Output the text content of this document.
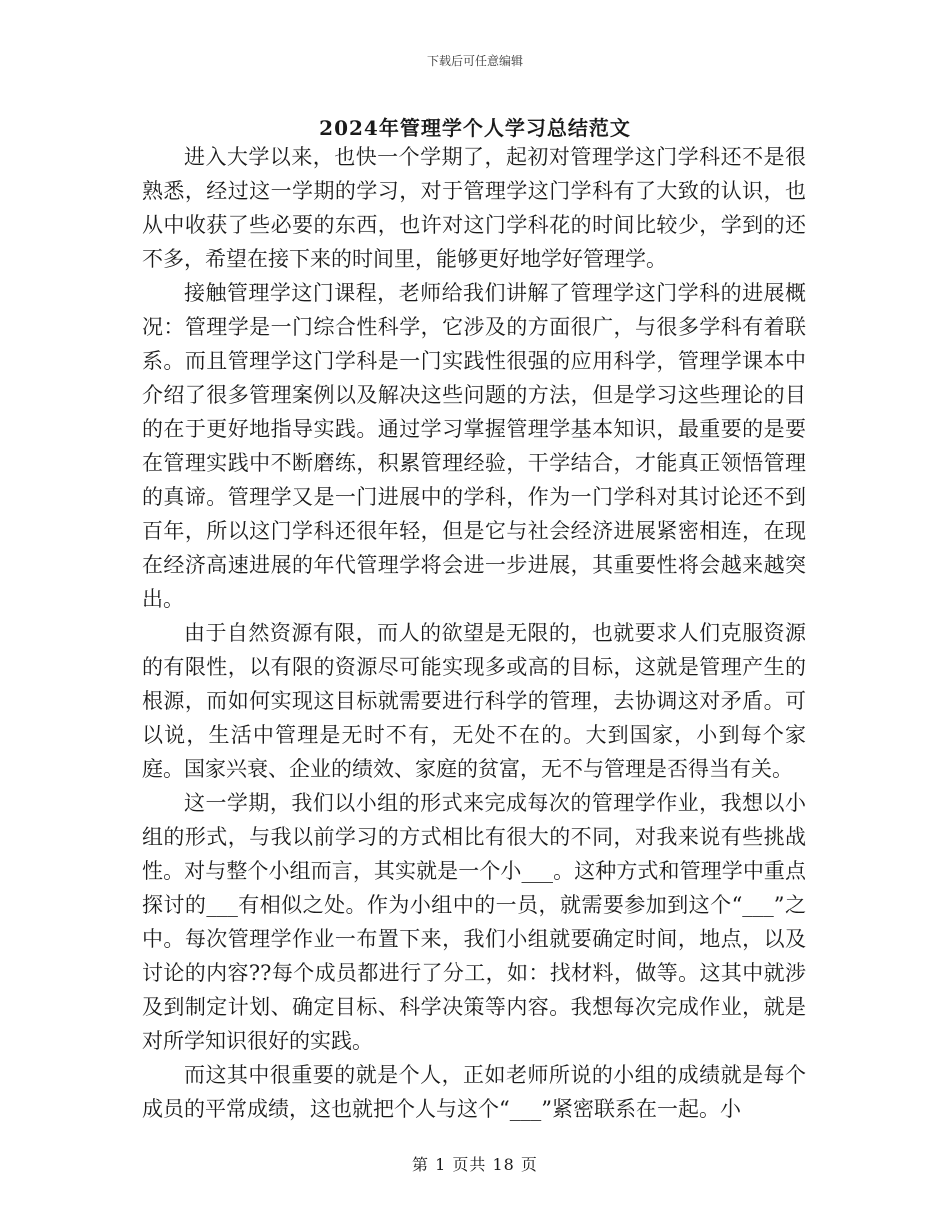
下载后可任意编辑
2024年管理学个人学习总结范文

进入大学以来，也快一个学期了，起初对管理学这门学科还不是很熟悉，经过这一学期的学习，对于管理学这门学科有了大致的认识，也从中收获了些必要的东西，也许对这门学科花的时间比较少，学到的还不多，希望在接下来的时间里，能够更好地学好管理学。

接触管理学这门课程，老师给我们讲解了管理学这门学科的进展概况：管理学是一门综合性科学，它涉及的方面很广，与很多学科有着联系。而且管理学这门学科是一门实践性很强的应用科学，管理学课本中介绍了很多管理案例以及解决这些问题的方法，但是学习这些理论的目的在于更好地指导实践。通过学习掌握管理学基本知识，最重要的是要在管理实践中不断磨练，积累管理经验，干学结合，才能真正领悟管理的真谛。管理学又是一门进展中的学科，作为一门学科对其讨论还不到百年，所以这门学科还很年轻，但是它与社会经济进展紧密相连，在现在经济高速进展的年代管理学将会进一步进展，其重要性将会越来越突出。

由于自然资源有限，而人的欲望是无限的，也就要求人们克服资源的有限性，以有限的资源尽可能实现多或高的目标，这就是管理产生的根源，而如何实现这目标就需要进行科学的管理，去协调这对矛盾。可以说，生活中管理是无时不有，无处不在的。大到国家，小到每个家庭。国家兴衰、企业的绩效、家庭的贫富，无不与管理是否得当有关。

这一学期，我们以小组的形式来完成每次的管理学作业，我想以小组的形式，与我以前学习的方式相比有很大的不同，对我来说有些挑战性。对与整个小组而言，其实就是一个小___。这种方式和管理学中重点探讨的___有相似之处。作为小组中的一员，就需要参加到这个“___”之中。每次管理学作业一布置下来，我们小组就要确定时间，地点，以及讨论的内容??每个成员都进行了分工，如：找材料，做等。这其中就涉及到制定计划、确定目标、科学决策等内容。我想每次完成作业，就是对所学知识很好的实践。

而这其中很重要的就是个人，正如老师所说的小组的成绩就是每个成员的平常成绩，这也就把个人与这个“___”紧密联系在一起。小

第 1 页共 18 页
